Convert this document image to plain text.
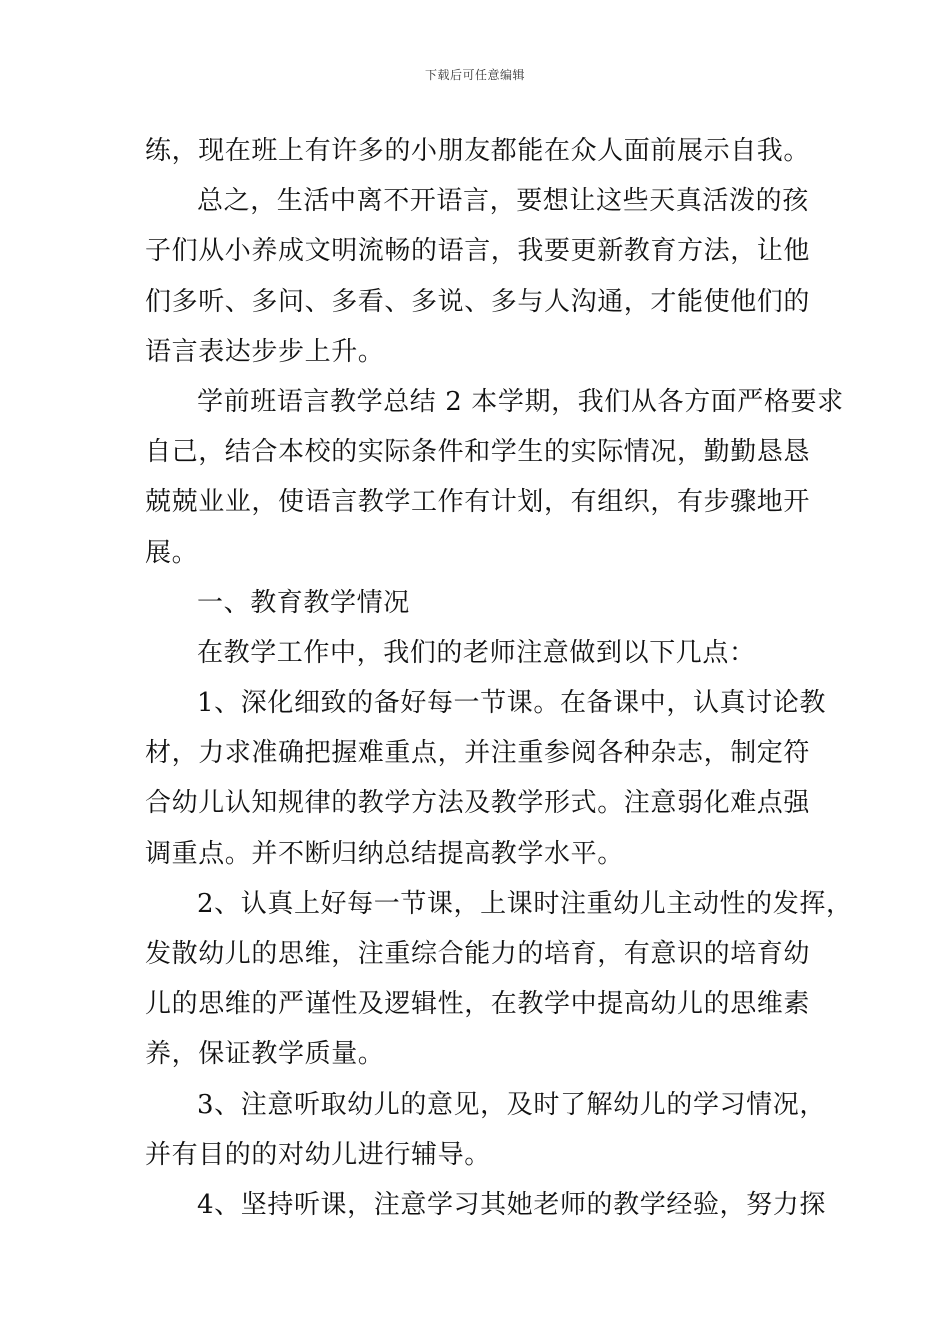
下载后可任意编辑
练，现在班上有许多的小朋友都能在众人面前展示自我。
总之，生活中离不开语言，要想让这些天真活泼的孩
子们从小养成文明流畅的语言，我要更新教育方法，让他
们多听、多问、多看、多说、多与人沟通，才能使他们的
语言表达步步上升。
学前班语言教学总结 2 本学期，我们从各方面严格要求
自己，结合本校的实际条件和学生的实际情况，勤勤恳恳
兢兢业业，使语言教学工作有计划，有组织，有步骤地开
展。
一、教育教学情况
在教学工作中，我们的老师注意做到以下几点：
1、深化细致的备好每一节课。在备课中，认真讨论教
材，力求准确把握难重点，并注重参阅各种杂志，制定符
合幼儿认知规律的教学方法及教学形式。注意弱化难点强
调重点。并不断归纳总结提高教学水平。
2、认真上好每一节课，上课时注重幼儿主动性的发挥，
发散幼儿的思维，注重综合能力的培育，有意识的培育幼
儿的思维的严谨性及逻辑性，在教学中提高幼儿的思维素
养，保证教学质量。
3、注意听取幼儿的意见，及时了解幼儿的学习情况，
并有目的的对幼儿进行辅导。
4、坚持听课，注意学习其她老师的教学经验，努力探
